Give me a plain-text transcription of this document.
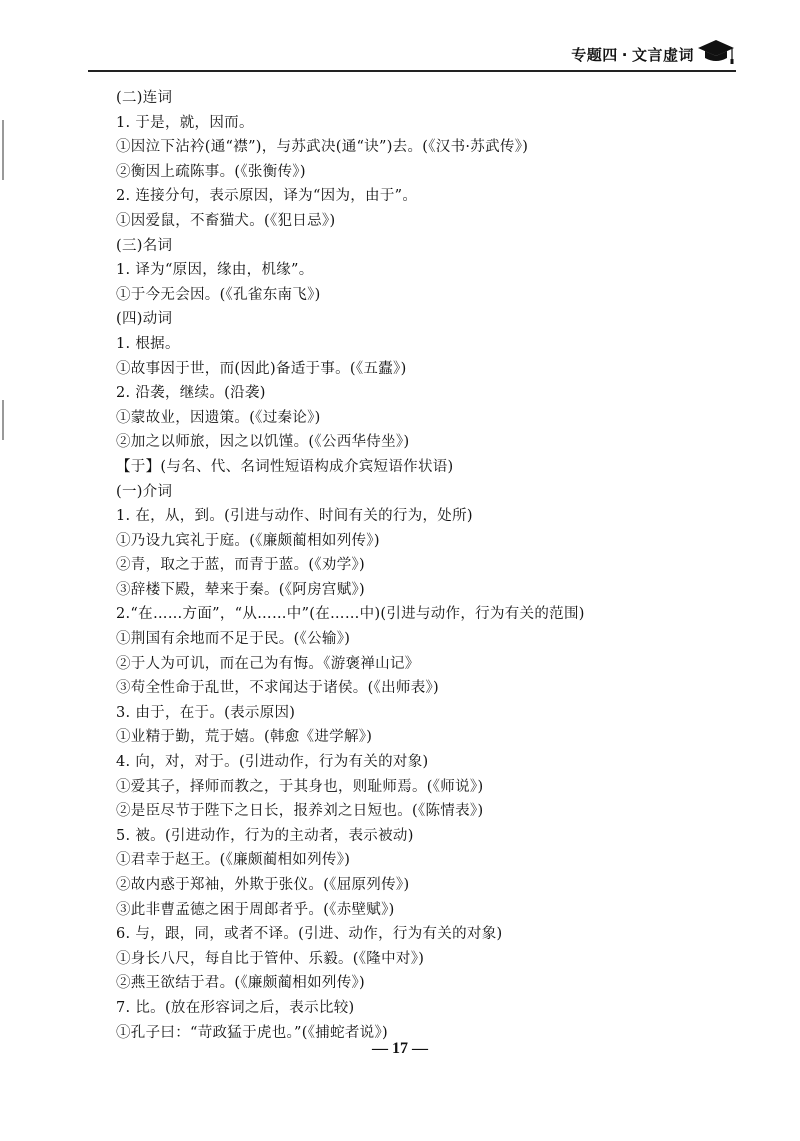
专题四 · 文言虚词
(二)连词
1. 于是，就，因而。
①因泣下沾衿(通“襟”)，与苏武决(通“诀”)去。(《汉书·苏武传》)
②衡因上疏陈事。(《张衡传》)
2. 连接分句，表示原因，译为“因为，由于”。
①因爱鼠，不畜猫犬。(《犯日忌》)
(三)名词
1. 译为“原因，缘由，机缘”。
①于今无会因。(《孔雀东南飞》)
(四)动词
1. 根据。
①故事因于世，而(因此)备适于事。(《五蠹》)
2. 沿袭，继续。(沿袭)
①蒙故业，因遗策。(《过秦论》)
②加之以师旅，因之以饥馑。(《公西华侍坐》)
【于】(与名、代、名词性短语构成介宾短语作状语)
(一)介词
1. 在，从，到。(引进与动作、时间有关的行为，处所)
①乃设九宾礼于庭。(《廉颇蔺相如列传》)
②青，取之于蓝，而青于蓝。(《劝学》)
③辞楼下殿，辇来于秦。(《阿房宫赋》)
2.“在……方面”，“从……中”(在……中)(引进与动作，行为有关的范围)
①荆国有余地而不足于民。(《公输》)
②于人为可讥，而在己为有悔。《游褒禅山记》
③苟全性命于乱世，不求闻达于诸侯。(《出师表》)
3. 由于，在于。(表示原因)
①业精于勤，荒于嬉。(韩愈《进学解》)
4. 向，对，对于。(引进动作，行为有关的对象)
①爱其子，择师而教之，于其身也，则耻师焉。(《师说》)
②是臣尽节于陛下之日长，报养刘之日短也。(《陈情表》)
5. 被。(引进动作，行为的主动者，表示被动)
①君幸于赵王。(《廉颇蔺相如列传》)
②故内惑于郑袖，外欺于张仪。(《屈原列传》)
③此非曹孟德之困于周郎者乎。(《赤壁赋》)
6. 与，跟，同，或者不译。(引进、动作，行为有关的对象)
①身长八尺，每自比于管仲、乐毅。(《隆中对》)
②燕王欲结于君。(《廉颇蔺相如列传》)
7. 比。(放在形容词之后，表示比较)
①孔子曰：“苛政猛于虎也。”(《捕蛇者说》)
— 17 —
